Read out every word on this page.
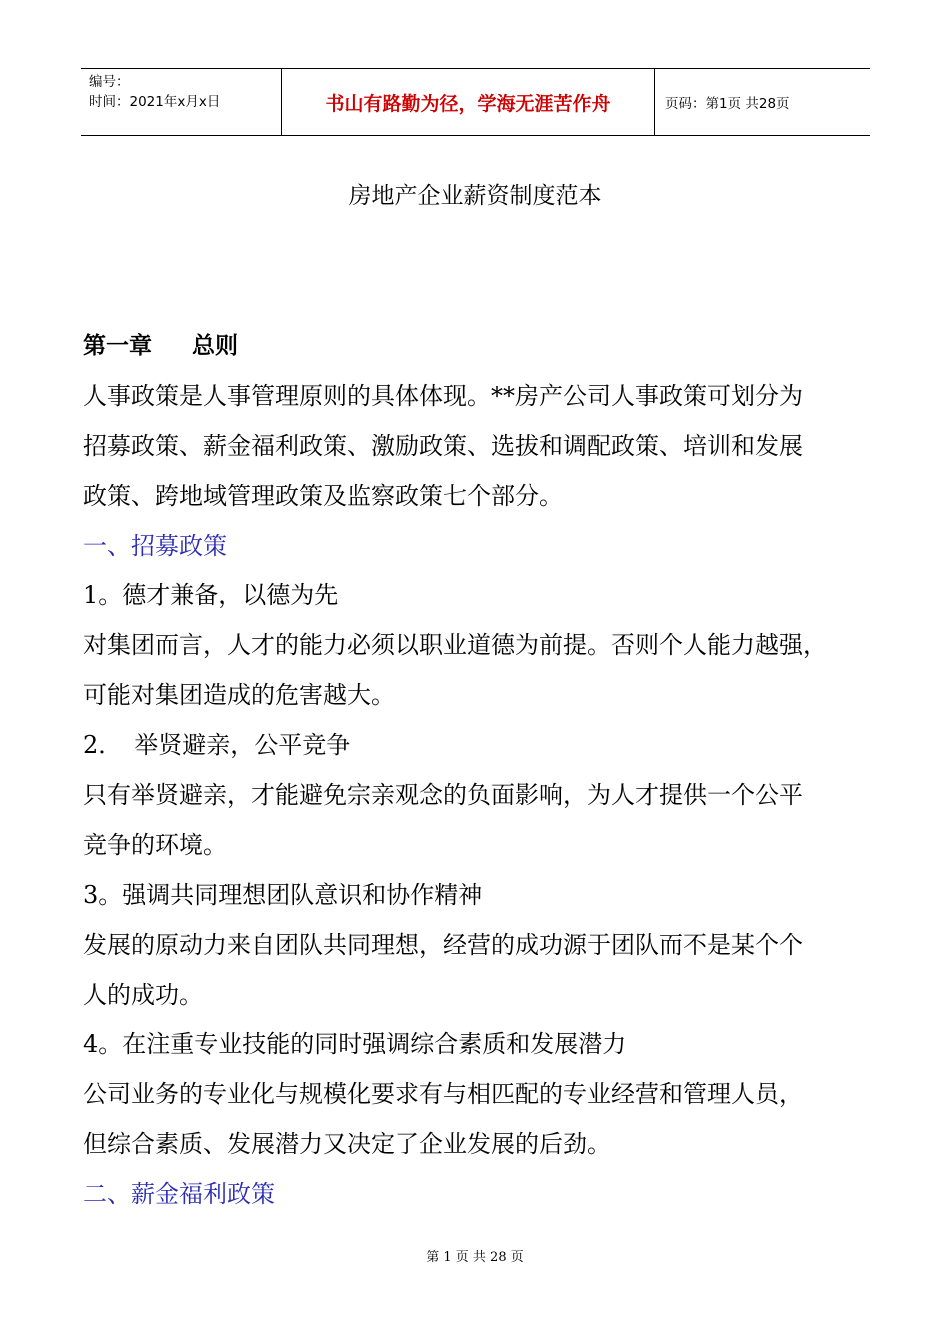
编号：
时间：2021年x月x日	书山有路勤为径，学海无涯苦作舟	页码：第1页 共28页
房地产企业薪资制度范本
第一章 总则
人事政策是人事管理原则的具体体现。**房产公司人事政策可划分为
招募政策、薪金福利政策、激励政策、选拔和调配政策、培训和发展
政策、跨地域管理政策及监察政策七个部分。
一、招募政策
1。德才兼备，以德为先
对集团而言，人才的能力必须以职业道德为前提。否则个人能力越强，
可能对集团造成的危害越大。
2．　举贤避亲，公平竞争
只有举贤避亲，才能避免宗亲观念的负面影响，为人才提供一个公平
竞争的环境。
3。强调共同理想团队意识和协作精神
发展的原动力来自团队共同理想，经营的成功源于团队而不是某个个
人的成功。
4。在注重专业技能的同时强调综合素质和发展潜力
公司业务的专业化与规模化要求有与相匹配的专业经营和管理人员，
但综合素质、发展潜力又决定了企业发展的后劲。
二、薪金福利政策
第 1 页 共 28 页
